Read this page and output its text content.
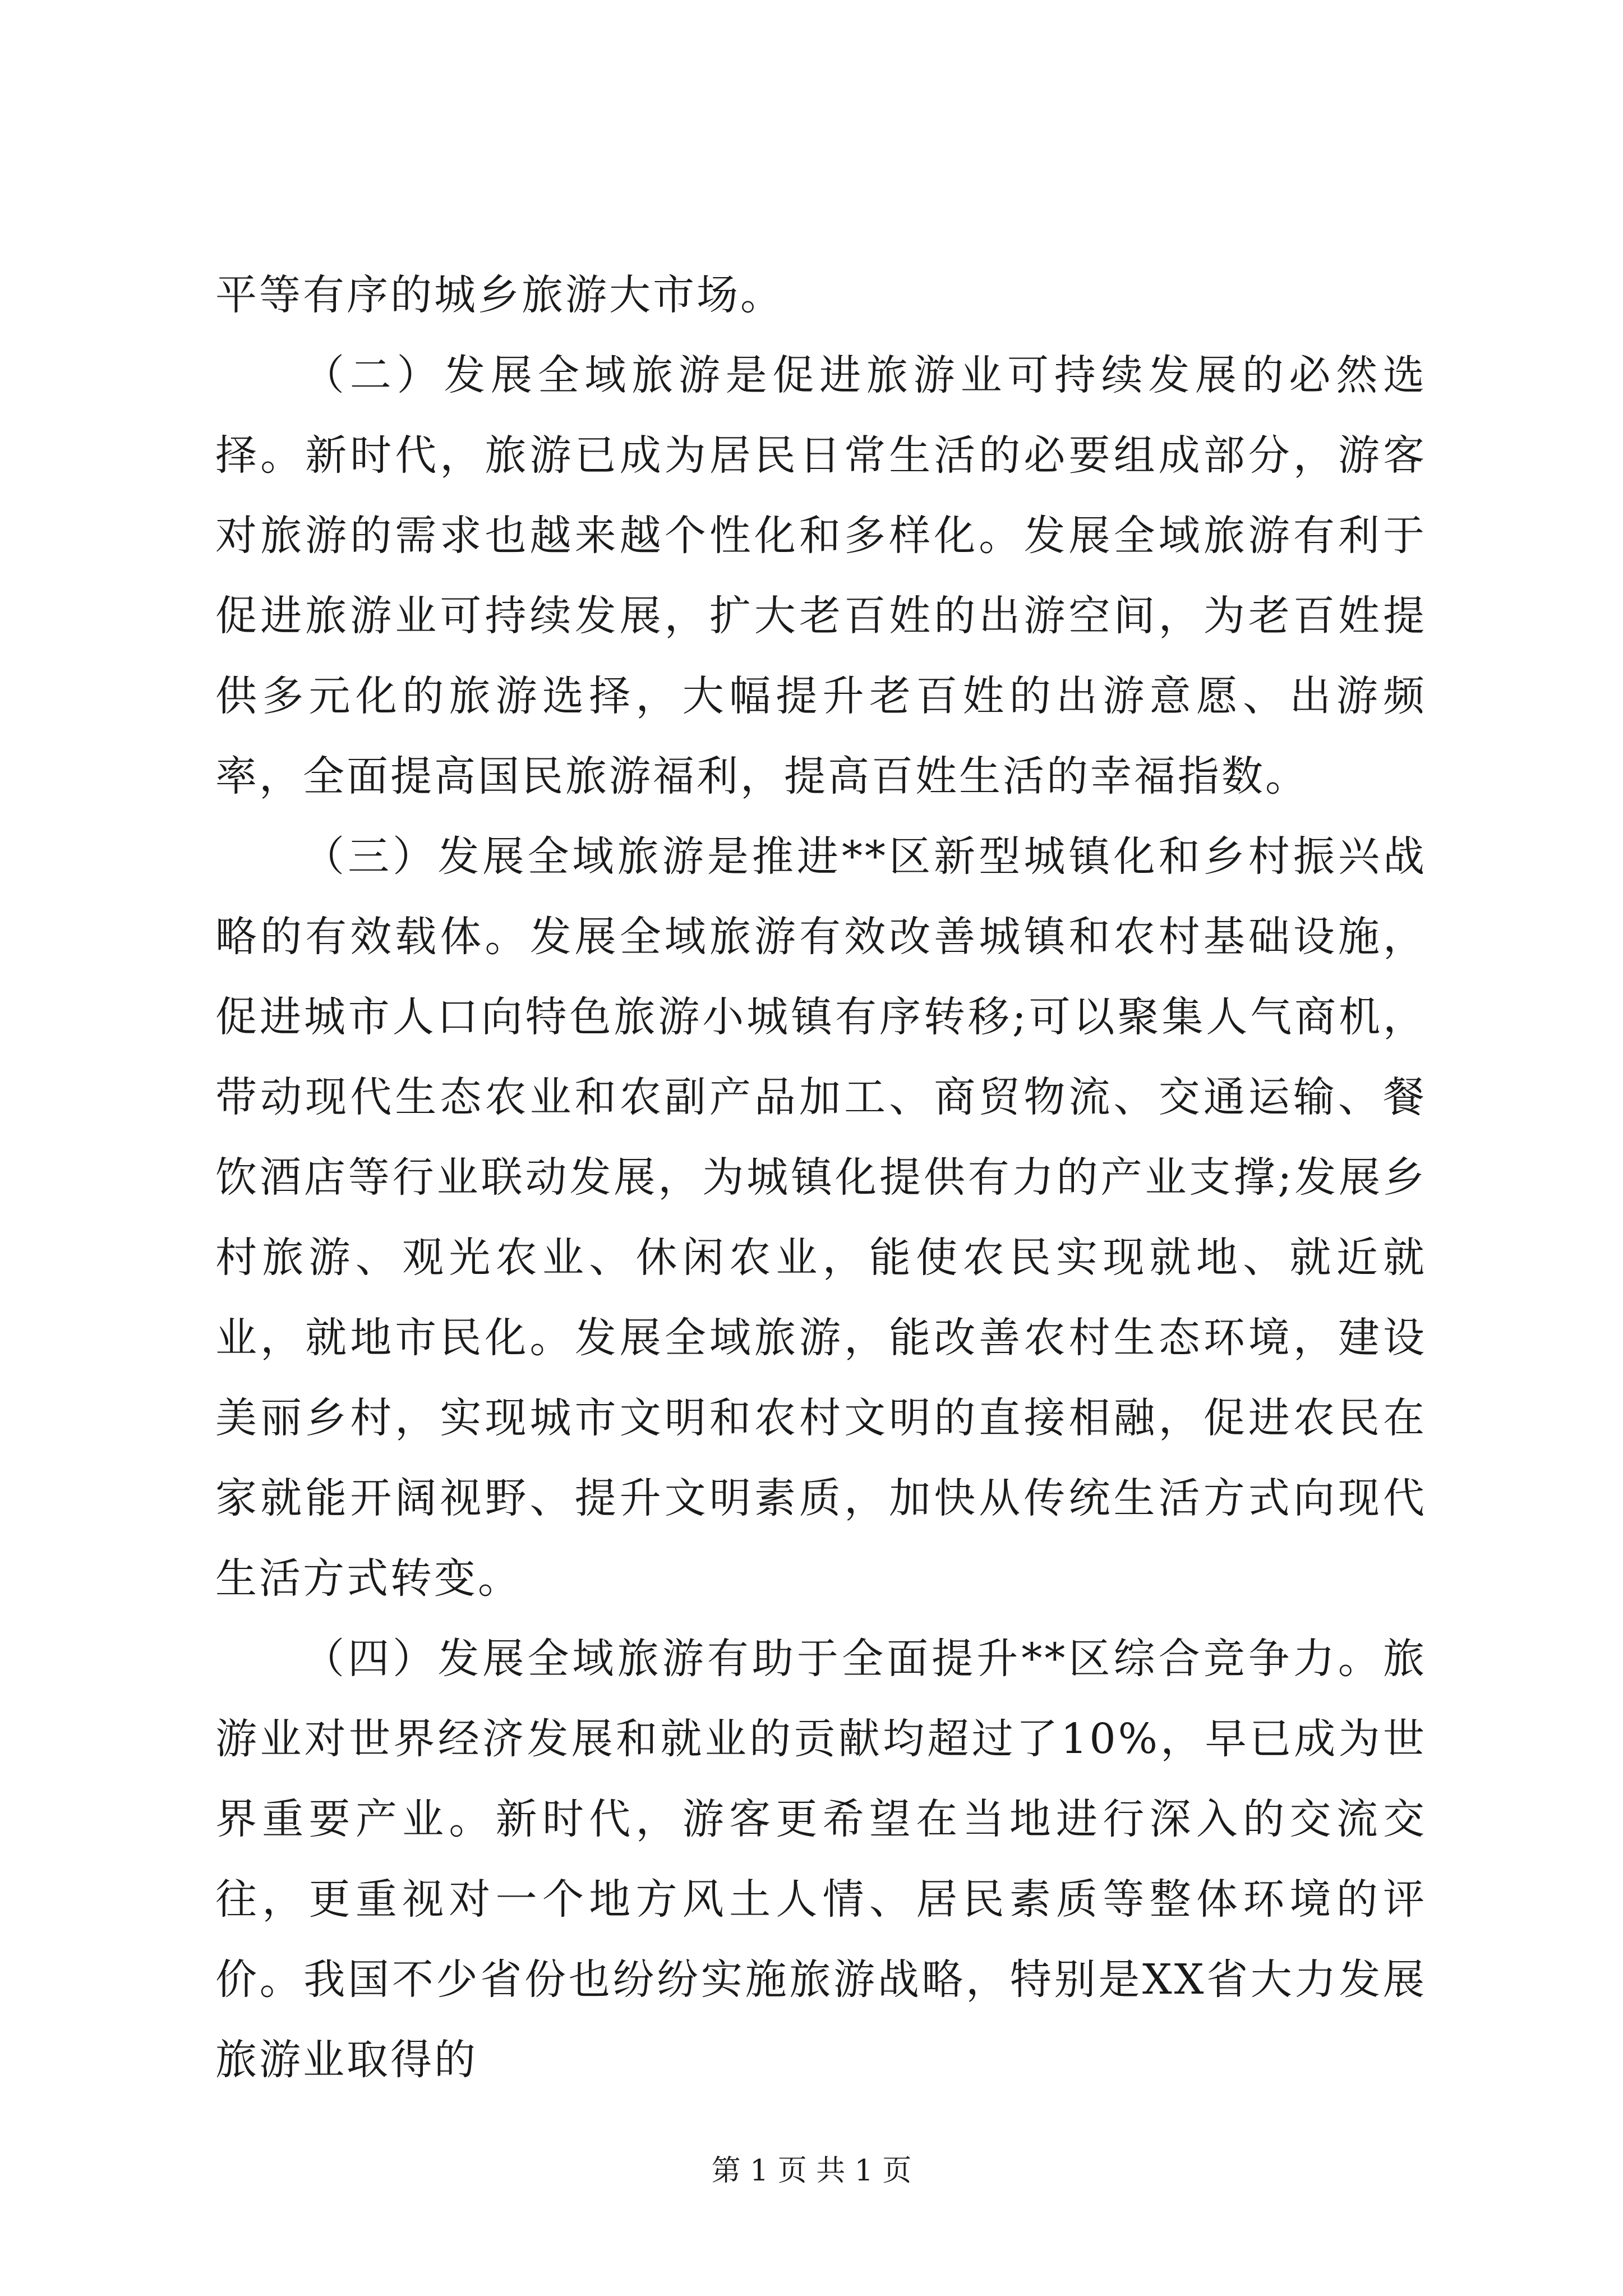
平等有序的城乡旅游大市场。

（二）发展全域旅游是促进旅游业可持续发展的必然选择。新时代，旅游已成为居民日常生活的必要组成部分，游客对旅游的需求也越来越个性化和多样化。发展全域旅游有利于促进旅游业可持续发展，扩大老百姓的出游空间，为老百姓提供多元化的旅游选择，大幅提升老百姓的出游意愿、出游频率，全面提高国民旅游福利，提高百姓生活的幸福指数。

（三）发展全域旅游是推进**区新型城镇化和乡村振兴战略的有效载体。发展全域旅游有效改善城镇和农村基础设施，促进城市人口向特色旅游小城镇有序转移;可以聚集人气商机，带动现代生态农业和农副产品加工、商贸物流、交通运输、餐饮酒店等行业联动发展，为城镇化提供有力的产业支撑;发展乡村旅游、观光农业、休闲农业，能使农民实现就地、就近就业，就地市民化。发展全域旅游，能改善农村生态环境，建设美丽乡村，实现城市文明和农村文明的直接相融，促进农民在家就能开阔视野、提升文明素质，加快从传统生活方式向现代生活方式转变。

（四）发展全域旅游有助于全面提升**区综合竞争力。旅游业对世界经济发展和就业的贡献均超过了10%，早已成为世界重要产业。新时代，游客更希望在当地进行深入的交流交往，更重视对一个地方风土人情、居民素质等整体环境的评价。我国不少省份也纷纷实施旅游战略，特别是XX省大力发展旅游业取得的

第 1 页 共 1 页
